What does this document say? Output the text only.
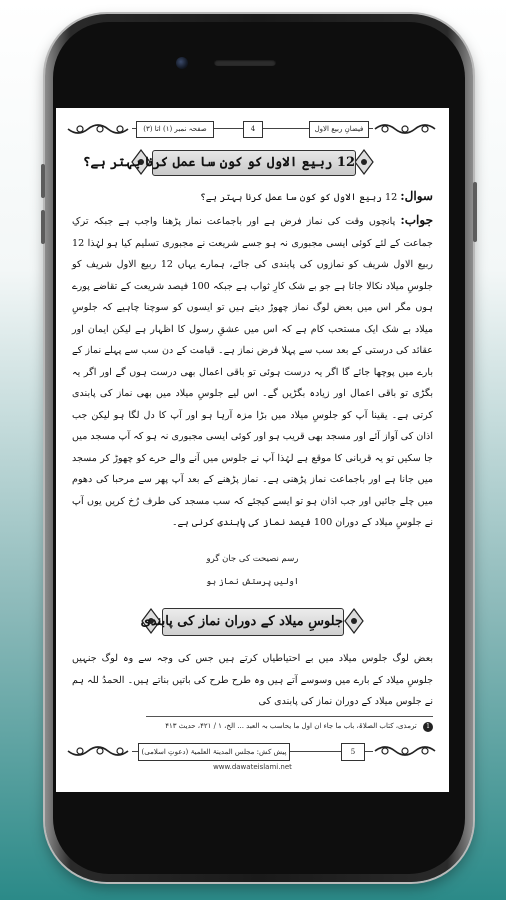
فیضانِ ربیع الاول
4
صفحہ نمبر (۱) اتا (۳)
12 ربیع الاول کو کون سا عمل کرنا بہتر ہے؟
سوال: 12 ربیع الاول کو کون سا عمل کرنا بہتر ہے؟
جواب: پانچوں وقت کی نماز فرض ہے اور باجماعت نماز پڑھنا واجب ہے جبکہ ترکِ جماعت کے لئے کوئی ایسی مجبوری نہ ہو جسے شریعت نے مجبوری تسلیم کیا ہو لہٰذا 12 ربیع الاول شریف کو نمازوں کی پابندی کی جائے، ہمارے یہاں 12 ربیع الاول شریف کو جلوسِ میلاد نکالا جاتا ہے جو بے شک کارِ ثواب ہے جبکہ 100 فیصد شریعت کے تقاضے پورے ہوں مگر اس میں بعض لوگ نماز چھوڑ دیتے ہیں تو ایسوں کو سوچنا چاہیے کہ جلوسِ میلاد بے شک ایک مستحب کام ہے کہ اس میں عشقِ رسول کا اظہار ہے لیکن ایمان اور عقائد کی درستی کے بعد سب سے پہلا فرض نماز ہے۔ قیامت کے دن سب سے پہلے نماز کے بارے میں پوچھا جائے گا اگر یہ درست ہوئی تو باقی اعمال بھی درست ہوں گے اور اگر یہ بگڑی تو باقی اعمال اور زیادہ بگڑیں گے۔ اس لیے جلوسِ میلاد میں بھی نماز کی پابندی کرتی ہے۔ یقینا آپ کو جلوسِ میلاد میں بڑا مزہ آرہا ہو اور آپ کا دل لگا ہو لیکن جب اذان کی آواز آئے اور مسجد بھی قریب ہو اور کوئی ایسی مجبوری نہ ہو کہ آپ مسجد میں جا سکیں تو یہ قربانی کا موقع ہے لہٰذا آپ نے جلوس میں آنے والے حرے کو چھوڑ کر مسجد میں جانا ہے اور باجماعت نماز پڑھنی ہے۔ نماز پڑھنے کے بعد آپ پھر سے مرحبا کی دھوم میں چلے جائیں اور جب اذان ہو تو ایسے کیجئے کہ سب مسجد کی طرف رُخ کریں یوں آپ نے جلوسِ میلاد کے دوران 100 فیصد نماز کی پابندی کرنی ہے۔
رسم نصیحت کی جان گرو
اولیں پرستش نماز ہو
جلوسِ میلاد کے دوران نماز کی پابندی
بعض لوگ جلوس میلاد میں بے احتیاطیاں کرتے ہیں جس کی وجہ سے وہ لوگ جنہیں جلوسِ میلاد کے بارے میں وسوسے آتے ہیں وہ طرح طرح کی باتیں بناتے ہیں۔ الحمدُ للہ ہم نے جلوس میلاد کے دوران نماز کی پابندی کی
1 ترمذی، کتاب الصلاۃ، باب ما جاء ان اول ما یحاسب بہ العبد ... الخ، ۱ / ۴۲۱، حدیث ۴۱۳
5
پیش کش: مجلس المدینۃ العلمیۃ (دعوتِ اسلامی)
www.dawateislami.net
